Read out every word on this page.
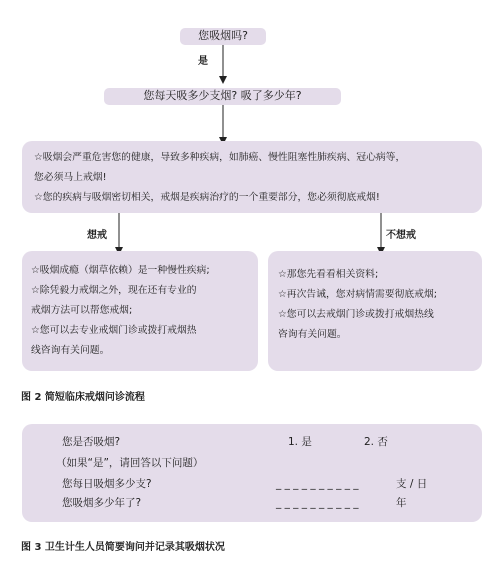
您吸烟吗?
是
您每天吸多少支烟? 吸了多少年?

☆吸烟会严重危害您的健康，导致多种疾病，如肺癌、慢性阻塞性肺疾病、冠心病等，

您必须马上戒烟!

☆您的疾病与吸烟密切相关，戒烟是疾病治疗的一个重要部分，您必须彻底戒烟!

想戒	不想戒

☆吸烟成瘾（烟草依赖）是一种慢性疾病;

☆除凭毅力戒烟之外，现在还有专业的

戒烟方法可以帮您戒烟;

☆您可以去专业戒烟门诊或拨打戒烟热

线咨询有关问题。

☆那您先看看相关资料;

☆再次告诫，您对病情需要彻底戒烟;

☆您可以去戒烟门诊或拨打戒烟热线

咨询有关问题。

图 2 简短临床戒烟问诊流程
您是否吸烟?	1. 是	2. 否
（如果“是”，请回答以下问题）
您每日吸烟多少支?	_ _ _ _ _ _ _ _ _ _	支 / 日
您吸烟多少年了?	_ _ _ _ _ _ _ _ _ _	年
图 3 卫生计生人员简要询问并记录其吸烟状况
